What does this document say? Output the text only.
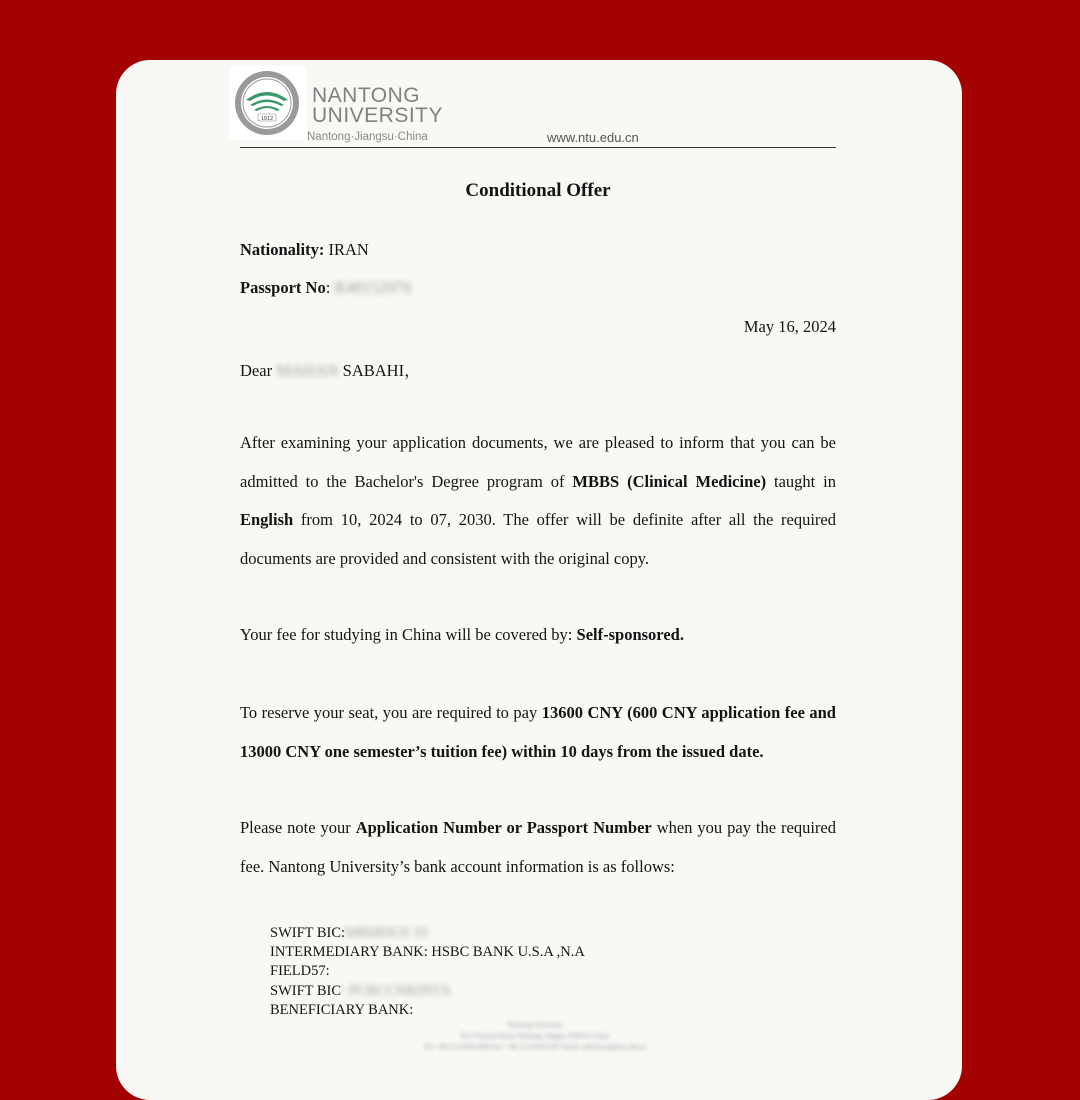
1912
NANTONG
UNIVERSITY
Nantong·Jiangsu·China	www.ntu.edu.cn
Conditional Offer
Nationality: IRAN
Passport No: R48152976
May 16, 2024
Dear MAHAN SABAHI，
After examining your application documents, we are pleased to inform that you can be admitted to the Bachelor's Degree program of MBBS (Clinical Medicine) taught in English from 10, 2024 to 07, 2030. The offer will be definite after all the required documents are provided and consistent with the original copy.
Your fee for studying in China will be covered by: Self-sponsored.
To reserve your seat, you are required to pay 13600 CNY (600 CNY application fee and 13000 CNY one semester’s tuition fee) within 10 days from the issued date.
Please note your Application Number or Passport Number when you pay the required fee. Nantong University’s bank account information is as follows:
SWIFT BIC:MRMDUS 33
INTERMEDIARY BANK: HSBC BANK U.S.A ,N.A
FIELD57:
SWIFT BIC: PCBCCNBJNTX
BENEFICIARY BANK:
Nantong University
No.9 Seyuan Road, Nantong, Jiangsu 226019, China
Tel: +86-513-85012000 Fax: +86-513-85015597 Email: admission@ntu.edu.cn
